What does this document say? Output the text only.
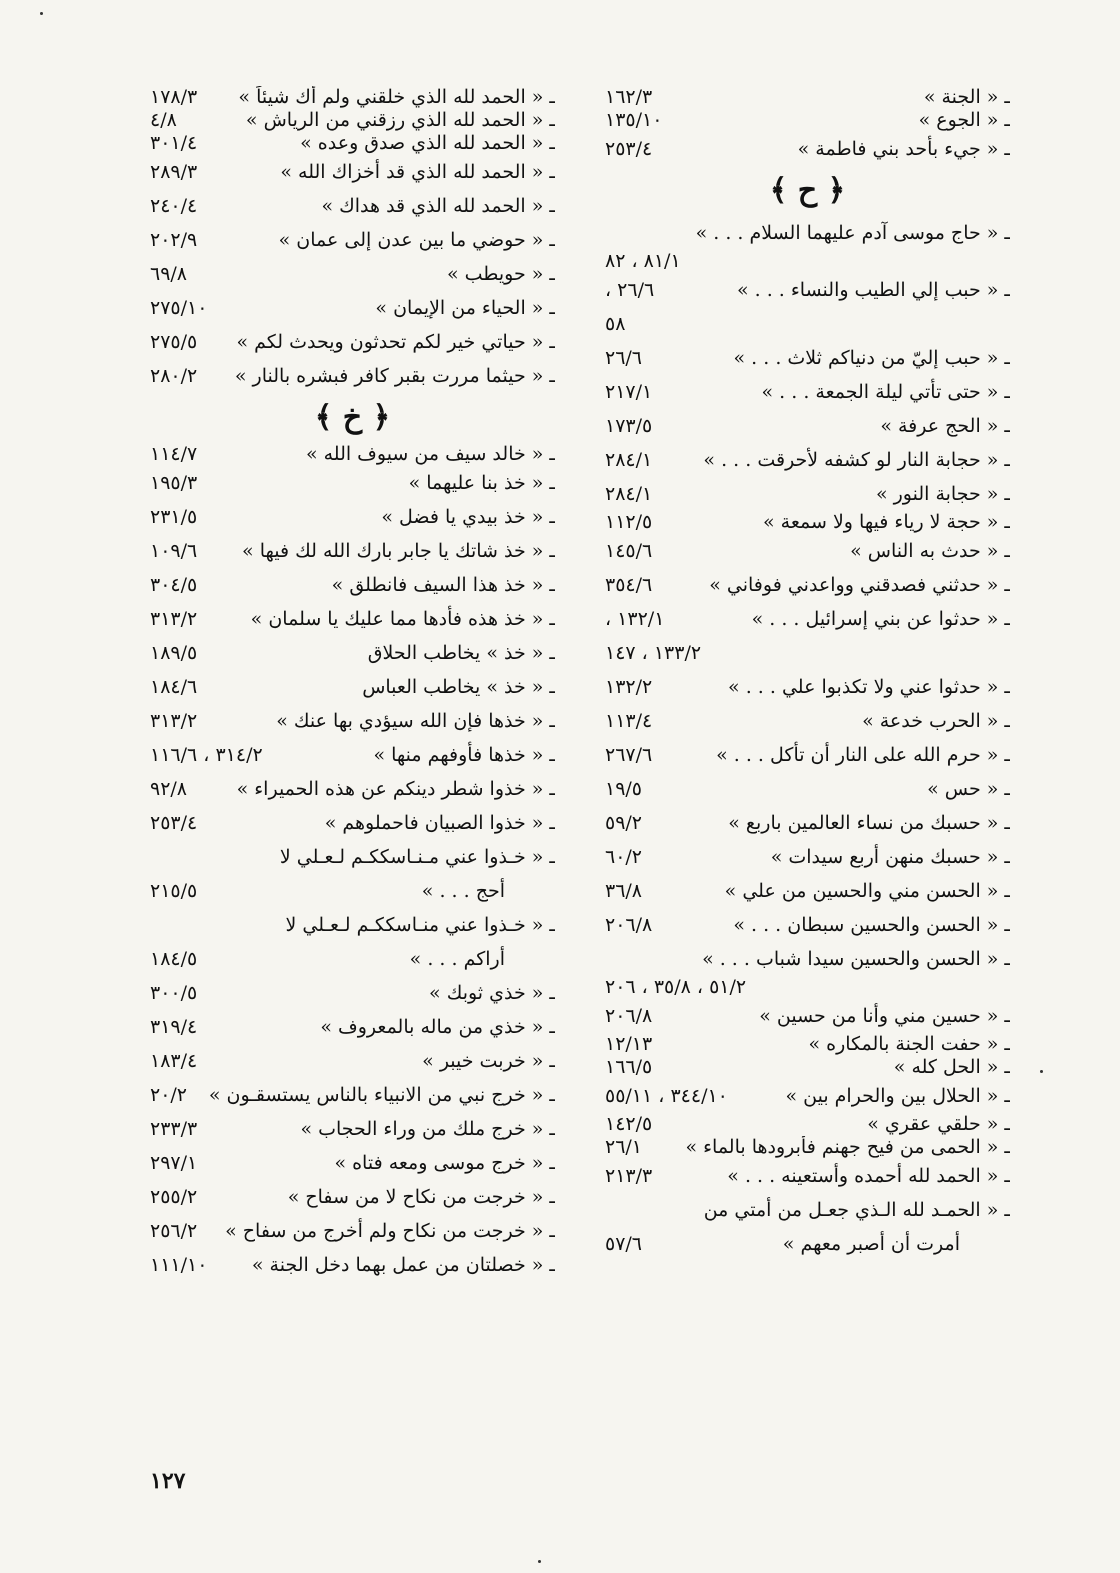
ـ « الجنة »
١٦٢/٣
ـ « الجوع »
١٣٥/١٠
ـ « جيء بأحد بني فاطمة »
٢٥٣/٤
﴿ ح ﴾
ـ « حاج موسى آدم عليهما السلام . . . »
٨١/١ ، ٨٢
ـ « حبب إلي الطيب والنساء . . . »
٢٦/٦ ،
٥٨
ـ « حبب إليّ من دنياكم ثلاث . . . »
٢٦/٦
ـ « حتى تأتي ليلة الجمعة . . . »
٢١٧/١
ـ « الحج عرفة »
١٧٣/٥
ـ « حجابة النار لو كشفه لأحرقت . . . »
٢٨٤/١
ـ « حجابة النور »
٢٨٤/١
ـ « حجة لا رياء فيها ولا سمعة »
١١٢/٥
ـ « حدث به الناس »
١٤٥/٦
ـ « حدثني فصدقني وواعدني فوفاني »
٣٥٤/٦
ـ « حدثوا عن بني إسرائيل . . . »
١٣٢/١ ،
١٣٣/٢ ، ١٤٧
ـ « حدثوا عني ولا تكذبوا علي . . . »
١٣٢/٢
ـ « الحرب خدعة »
١١٣/٤
ـ « حرم الله على النار أن تأكل . . . »
٢٦٧/٦
ـ « حس »
١٩/٥
ـ « حسبك من نساء العالمين باربع »
٥٩/٢
ـ « حسبك منهن أربع سيدات »
٦٠/٢
ـ « الحسن مني والحسين من علي »
٣٦/٨
ـ « الحسن والحسين سبطان . . . »
٢٠٦/٨
ـ « الحسن والحسين سيدا شباب . . . »
٥١/٢ ، ٣٥/٨ ، ٢٠٦
ـ « حسين مني وأنا من حسين »
٢٠٦/٨
ـ « حفت الجنة بالمكاره »
١٢/١٣
ـ « الحل كله »
١٦٦/٥
ـ « الحلال بين والحرام بين »
٣٤٤/١٠ ، ٥٥/١١
ـ « حلقي عقري »
١٤٢/٥
ـ « الحمى من فيح جهنم فأبرودها بالماء »
٢٦/١
ـ « الحمد لله أحمده وأستعينه . . . »
٢١٣/٣
ـ « الحمـد لله الـذي جعـل من أمتي من
أمرت أن أصبر معهم »
٥٧/٦
ـ « الحمد لله الذي خلقني ولم أك شيئاً »
١٧٨/٣
ـ « الحمد لله الذي رزقني من الرياش »
٤/٨
ـ « الحمد لله الذي صدق وعده »
٣٠١/٤
ـ « الحمد لله الذي قد أخزاك الله »
٢٨٩/٣
ـ « الحمد لله الذي قد هداك »
٢٤٠/٤
ـ « حوضي ما بين عدن إلى عمان »
٢٠٢/٩
ـ « حويطب »
٦٩/٨
ـ « الحياء من الإيمان »
٢٧٥/١٠
ـ « حياتي خير لكم تحدثون ويحدث لكم »
٢٧٥/٥
ـ « حيثما مررت بقبر كافر فبشره بالنار »
٢٨٠/٢
﴿ خ ﴾
ـ « خالد سيف من سيوف الله »
١١٤/٧
ـ « خذ بنا عليهما »
١٩٥/٣
ـ « خذ بيدي يا فضل »
٢٣١/٥
ـ « خذ شاتك يا جابر بارك الله لك فيها »
١٠٩/٦
ـ « خذ هذا السيف فانطلق »
٣٠٤/٥
ـ « خذ هذه فأدها مما عليك يا سلمان »
٣١٣/٢
ـ « خذ » يخاطب الحلاق
١٨٩/٥
ـ « خذ » يخاطب العباس
١٨٤/٦
ـ « خذها فإن الله سيؤدي بها عنك »
٣١٣/٢
ـ « خذها فأوفهم منها »
٣١٤/٢ ، ١١٦/٦
ـ « خذوا شطر دينكم عن هذه الحميراء »
٩٢/٨
ـ « خذوا الصبيان فاحملوهم »
٢٥٣/٤
ـ « خـذوا عني مـنـاسككـم لـعـلي لا
أحج . . . »
٢١٥/٥
ـ « خـذوا عني منـاسككـم لـعـلي لا
أراكم . . . »
١٨٤/٥
ـ « خذي ثوبك »
٣٠٠/٥
ـ « خذي من ماله بالمعروف »
٣١٩/٤
ـ « خربت خيبر »
١٨٣/٤
ـ « خرج نبي من الانبياء بالناس يستسقـون »
٢٠/٢
ـ « خرج ملك من وراء الحجاب »
٢٣٣/٣
ـ « خرج موسى ومعه فتاه »
٢٩٧/١
ـ « خرجت من نكاح لا من سفاح »
٢٥٥/٢
ـ « خرجت من نكاح ولم أخرج من سفاح »
٢٥٦/٢
ـ « خصلتان من عمل بهما دخل الجنة »
١١١/١٠
١٢٧
